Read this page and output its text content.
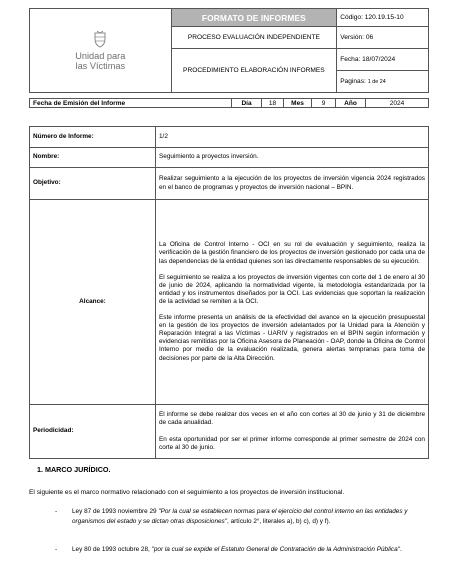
Unidad para
las Víctimas	FORMATO DE INFORMES	Código: 120.19.15-10
	PROCESO EVALUACIÓN INDEPENDIENTE	Versión: 06
	PROCEDIMIENTO ELABORACIÓN INFORMES	Fecha: 18/07/2024
		Paginas: 1 de 24
Fecha de Emisión del Informe	Día	18	Mes	9	Año	2024
Número de Informe:	1/2
Nombre:	Seguimiento a proyectos inversión.
Objetivo:	Realizar seguimiento a la ejecución de los proyectos de inversión vigencia 2024 registrados en el banco de programas y proyectos de inversión nacional – BPIN.
Alcance:	La Oficina de Control Interno - OCI en su rol de evaluación y seguimiento, realiza la verificación de la gestión financiero de los proyectos de inversión gestionado por cada una de las dependencias de la entidad quienes son las directamente responsables de su ejecución.

El seguimiento se realiza a los proyectos de inversión vigentes con corte del 1 de enero al 30 de junio de 2024, aplicando la normatividad vigente, la metodología estandarizada por la entidad y los instrumentos diseñados por la OCI. Las evidencias que soportan la realización de la actividad se remiten a la OCI.

Este informe presenta un análisis de la efectividad del avance en la ejecución presupuestal en la gestión de los proyectos de inversión adelantados por la Unidad para la Atención y Reparación Integral a las Víctimas - UARIV y registrados en el BPIN según información y evidencias remitidas por la Oficina Asesora de Planeación - OAP, donde la Oficina de Control Interno por medio de la evaluación realizada, genera alertas tempranas para toma de decisiones por parte de la Alta Dirección.

Periodicidad:	El informe se debe realizar dos veces en el año con cortes al 30 de junio y 31 de diciembre de cada anualidad.

En esta oportunidad por ser el primer informe corresponde al primer semestre de 2024 con corte al 30 de junio.

1. MARCO JURÍDICO.
El siguiente es el marco normativo relacionado con el seguimiento a los proyectos de inversión institucional.
- Ley 87 de 1993 noviembre 29 "Por la cual se establecen normas para el ejercicio del control interno en las entidades y organismos del estado y se dictan otras disposiciones", artículo 2°, literales a), b) c), d) y f).
- Ley 80 de 1993 octubre 28, "por la cual se expide el Estatuto General de Contratación de la Administración Pública".
